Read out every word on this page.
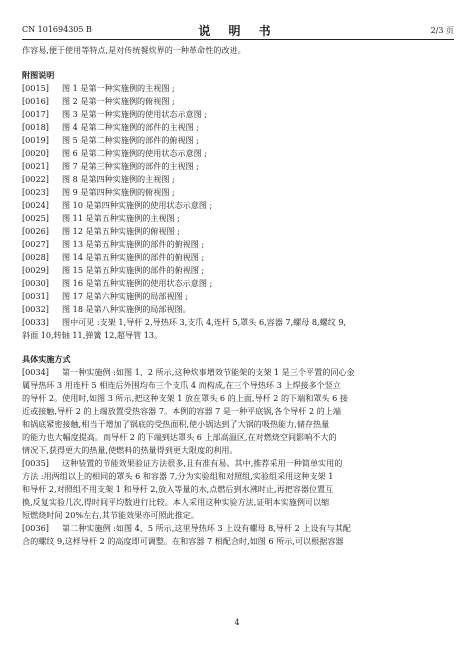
CN 101694305 B	说 明 书	2/3 页

作容易,便于使用等特点,是对传统餐炊界的一种革命性的改进。

附图说明

[0015]	图 1 是第一种实施例的主视图 ;
[0016]	图 2 是第一种实施例的俯视图 ;
[0017]	图 3 是第一种实施例的使用状态示意图 ;
[0018]	图 4 是第二种实施例的部件的主视图 ;
[0019]	图 5 是第二种实施例的部件的俯视图 ;
[0020]	图 6 是第二种实施例的使用状态示意图 ;
[0021]	图 7 是第三种实施例的部件的主视图 ;
[0022]	图 8 是第四种实施例的主视图 ;
[0023]	图 9 是第四种实施例的俯视图 ;
[0024]	图 10 是第四种实施例的使用状态示意图 ;
[0025]	图 11 是第五种实施例的主视图 ;
[0026]	图 12 是第五种实施例的俯视图 ;
[0027]	图 13 是第五种实施例的部件的俯视图 ;
[0028]	图 14 是第五种实施例的部件的俯视图 ;
[0029]	图 15 是第五种实施例的部件的俯视图 ;
[0030]	图 16 是第五种实施例的使用状态示意图 ;
[0031]	图 17 是第六种实施例的局部视图 ;
[0032]	图 18 是第八种实施例的局部视图。
[0033]	图中可见 :支架 1,导杆 2,导热环 3,支爪 4,连杆 5,罩头 6,容器 7,螺母 8,螺纹 9,

斜面 10,转轴 11,弹簧 12,超导管 13。

具体实施方式

[0034]	第一种实施例 :如图 1、2 所示,这种炊事增效节能架的支架 1 是三个平置的同心金

属导热环 3 用连杆 5 相连后外围均布三个支爪 4 而构成,在三个导热环 3 上焊接多个竖立

的导杆 2。使用时,如图 3 所示,把这种支架 1 放在罩头 6 的上面,导杆 2 的下端和罩头 6 接

近或接触,导杆 2 的上端放置受热容器 7。本例的容器 7 是一种平底锅,各个导杆 2 的上端

和锅底紧密接触,相当于增加了锅底的受热面积,使小锅达到了大锅的吸热能力,储存热量

的能力也大幅度提高。而导杆 2 的下端到达罩头 6 上部高温区,在对燃烧空间影响不大的

情况下,获得更大的热量,使燃料的热量得到更大限度的利用。

[0035]	这种装置的节能效果验证方法很多,且有准有易。其中,推荐采用一种简单实用的

方法 :用两组以上的相同的罩头 6 和容器 7,分为实验组和对照组,实验组采用这种支架 1

和导杆 2,对照组不用支架 1 和导杆 2,放入等量的水,点燃后到水沸时止,再把容器位置互

换,反复实验几次,得时间平均数进行比较。本人采用这种实验方法,证明本实施例可以缩

短燃烧时间 20%左右,其节能效果亦可照此推定。

[0036]	第二种实施例 :如图 4、5 所示,这里导热环 3 上设有螺母 8,导杆 2 上设有与其配

合的螺纹 9,这样导杆 2 的高度即可调整。在和容器 7 相配合时,如图 6 所示,可以根据容器

4
